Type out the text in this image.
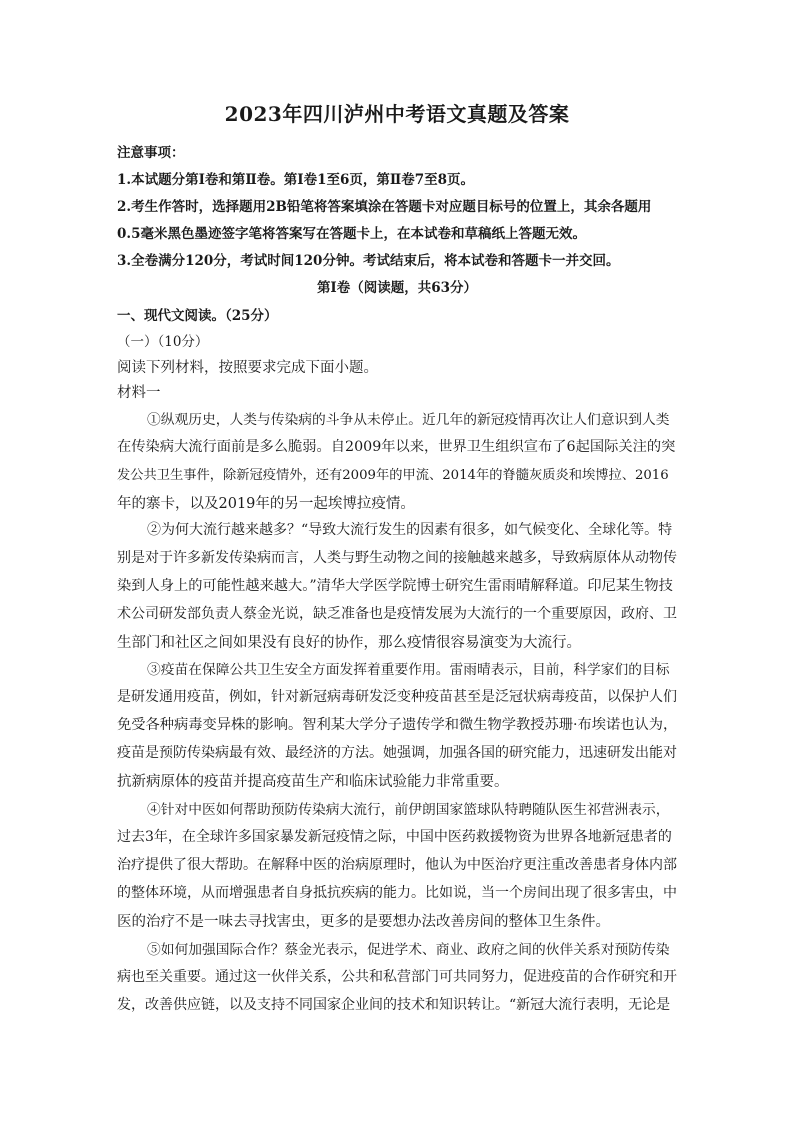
2023年四川泸州中考语文真题及答案
注意事项：
1.本试题分第Ⅰ卷和第Ⅱ卷。第Ⅰ卷1至6页，第Ⅱ卷7至8页。
2.考生作答时，选择题用2B铅笔将答案填涂在答题卡对应题目标号的位置上，其余各题用
0.5毫米黑色墨迹签字笔将答案写在答题卡上，在本试卷和草稿纸上答题无效。
3.全卷满分120分，考试时间120分钟。考试结束后，将本试卷和答题卡一并交回。
第Ⅰ卷（阅读题，共63分）
一、现代文阅读。（25分）
（一）（10分）
阅读下列材料，按照要求完成下面小题。
材料一
①纵观历史，人类与传染病的斗争从未停止。近几年的新冠疫情再次让人们意识到人类
在传染病大流行面前是多么脆弱。自2009年以来，世界卫生组织宣布了6起国际关注的突
发公共卫生事件，除新冠疫情外，还有2009年的甲流、2014年的脊髓灰质炎和埃博拉、2016
年的寨卡，以及2019年的另一起埃博拉疫情。
②为何大流行越来越多？“导致大流行发生的因素有很多，如气候变化、全球化等。特
别是对于许多新发传染病而言，人类与野生动物之间的接触越来越多，导致病原体从动物传
染到人身上的可能性越来越大。”清华大学医学院博士研究生雷雨晴解释道。印尼某生物技
术公司研发部负责人蔡金光说，缺乏准备也是疫情发展为大流行的一个重要原因，政府、卫
生部门和社区之间如果没有良好的协作，那么疫情很容易演变为大流行。
③疫苗在保障公共卫生安全方面发挥着重要作用。雷雨晴表示，目前，科学家们的目标
是研发通用疫苗，例如，针对新冠病毒研发泛变种疫苗甚至是泛冠状病毒疫苗，以保护人们
免受各种病毒变异株的影响。智利某大学分子遗传学和微生物学教授苏珊·布埃诺也认为，
疫苗是预防传染病最有效、最经济的方法。她强调，加强各国的研究能力，迅速研发出能对
抗新病原体的疫苗并提高疫苗生产和临床试验能力非常重要。
④针对中医如何帮助预防传染病大流行，前伊朗国家篮球队特聘随队医生祁营洲表示，
过去3年，在全球许多国家暴发新冠疫情之际，中国中医药救援物资为世界各地新冠患者的
治疗提供了很大帮助。在解释中医的治病原理时，他认为中医治疗更注重改善患者身体内部
的整体环境，从而增强患者自身抵抗疾病的能力。比如说，当一个房间出现了很多害虫，中
医的治疗不是一味去寻找害虫，更多的是要想办法改善房间的整体卫生条件。
⑤如何加强国际合作？蔡金光表示，促进学术、商业、政府之间的伙伴关系对预防传染
病也至关重要。通过这一伙伴关系，公共和私营部门可共同努力，促进疫苗的合作研究和开
发，改善供应链，以及支持不同国家企业间的技术和知识转让。“新冠大流行表明，无论是
